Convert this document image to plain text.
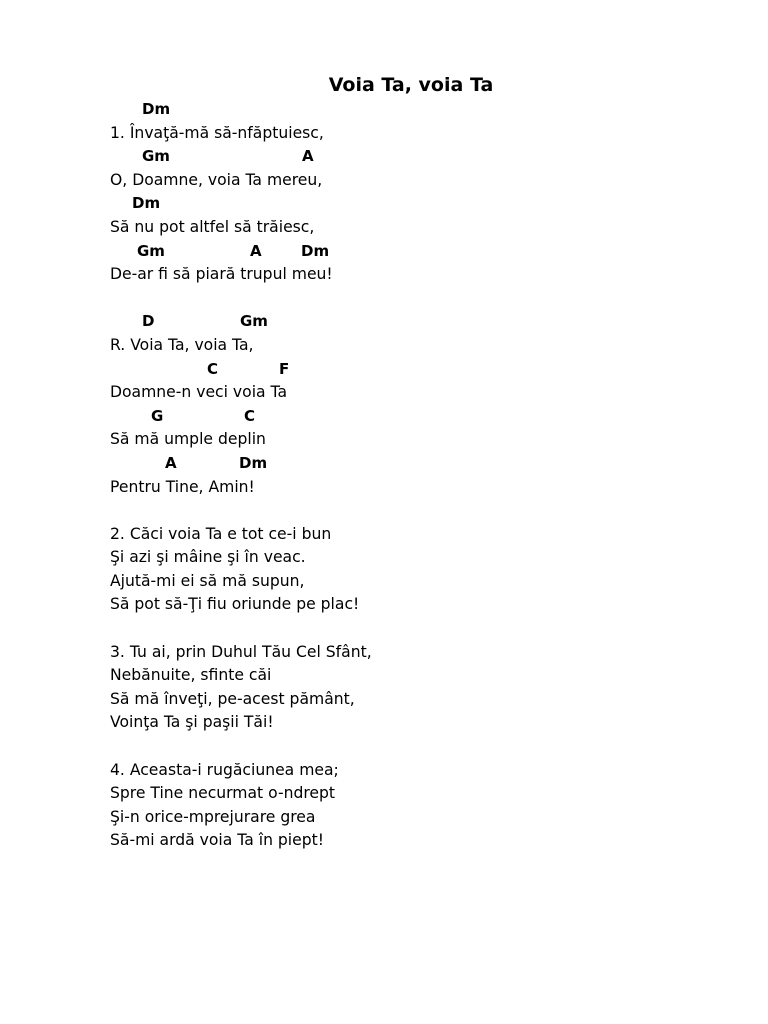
Voia Ta, voia Ta

Dm

1. Învaţă-mă să-nfăptuiesc,

Gm

	A

O, Doamne, voia Ta mereu,

Dm

Să nu pot altfel să trăiesc,

Gm

	A

	Dm

De-ar fi să piară trupul meu!

D

	Gm

R. Voia Ta, voia Ta,

C

	F

Doamne-n veci voia Ta

G

	C

Să mă umple deplin

A

	Dm

Pentru Tine, Amin!
2. Căci voia Ta e tot ce-i bun
Şi azi şi mâine şi în veac.
Ajută-mi ei să mă supun,
Să pot să-Ţi fiu oriunde pe plac!
3. Tu ai, prin Duhul Tău Cel Sfânt,
Nebănuite, sfinte căi
Să mă înveţi, pe-acest pământ,
Voinţa Ta şi paşii Tăi!
4. Aceasta-i rugăciunea mea;
Spre Tine necurmat o-ndrept
Şi-n orice-mprejurare grea
Să-mi ardă voia Ta în piept!
